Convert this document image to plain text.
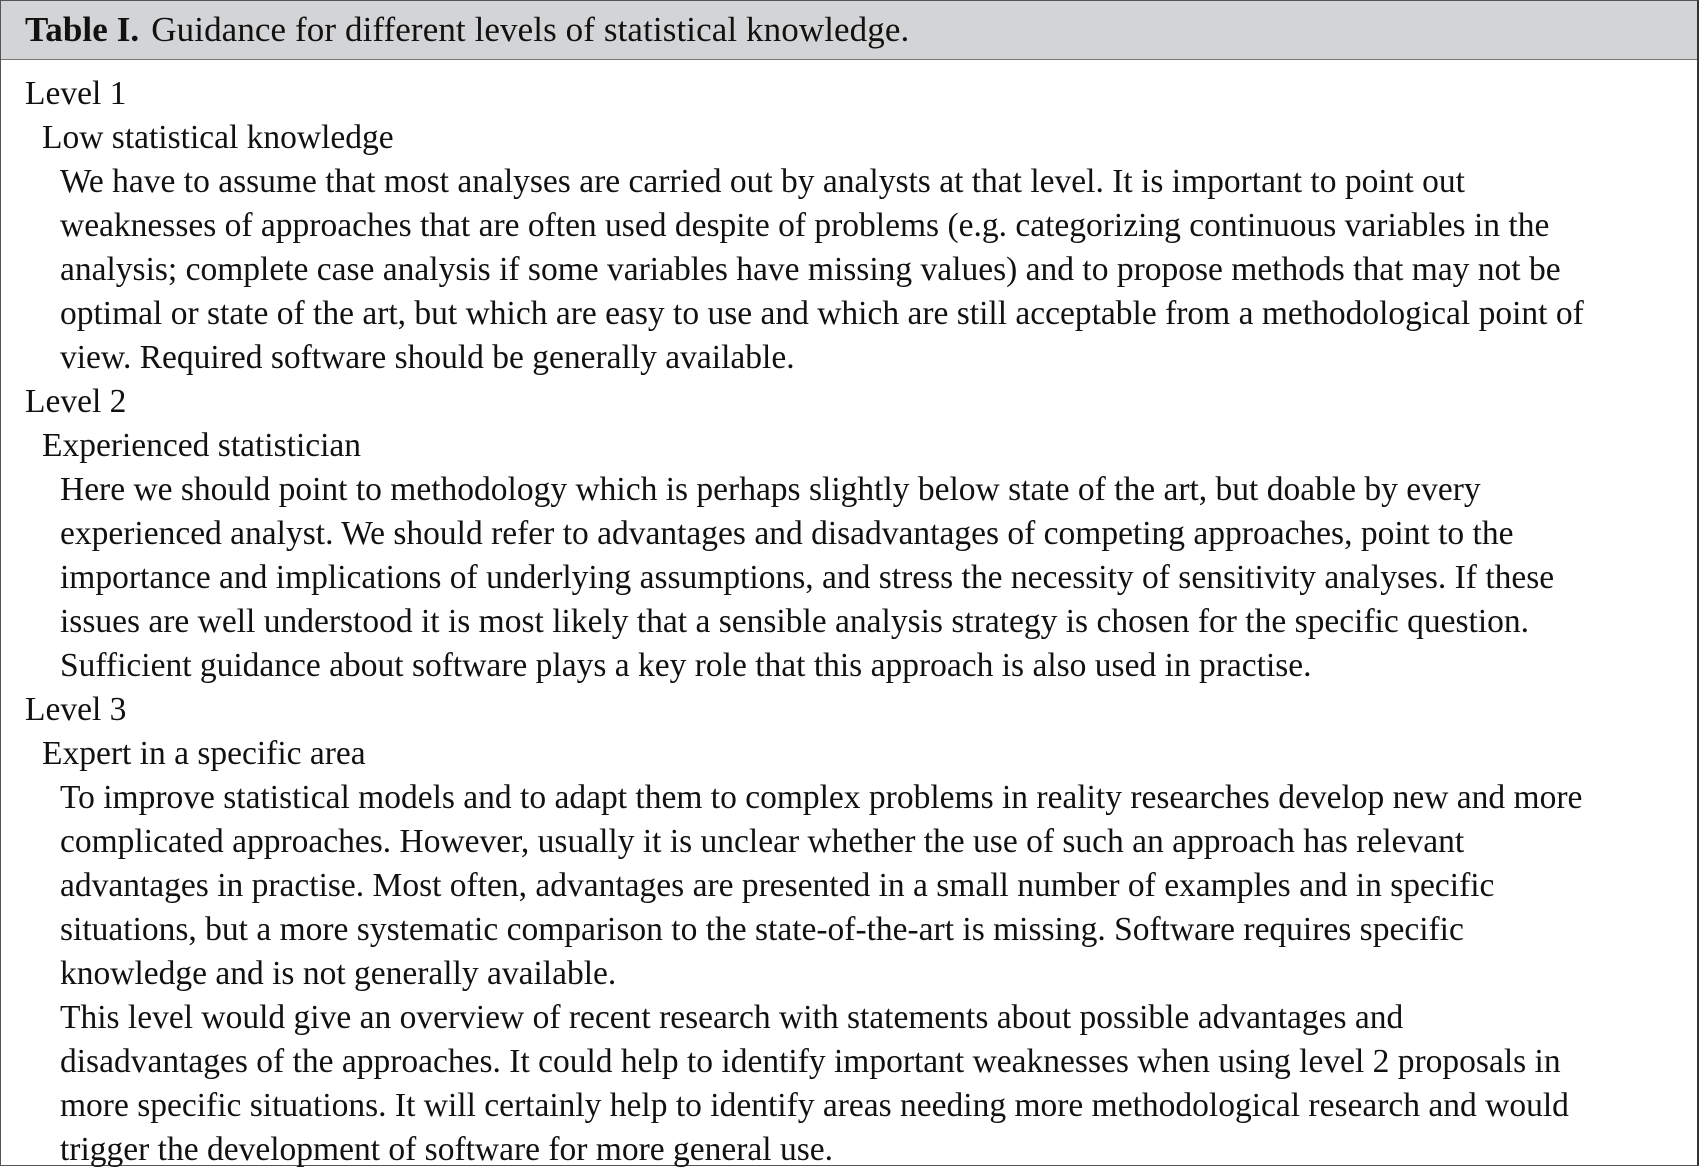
Table I. Guidance for different levels of statistical knowledge.
Level 1
Low statistical knowledge
We have to assume that most analyses are carried out by analysts at that level. It is important to point out
weaknesses of approaches that are often used despite of problems (e.g. categorizing continuous variables in the
analysis; complete case analysis if some variables have missing values) and to propose methods that may not be
optimal or state of the art, but which are easy to use and which are still acceptable from a methodological point of
view. Required software should be generally available.
Level 2
Experienced statistician
Here we should point to methodology which is perhaps slightly below state of the art, but doable by every
experienced analyst. We should refer to advantages and disadvantages of competing approaches, point to the
importance and implications of underlying assumptions, and stress the necessity of sensitivity analyses. If these
issues are well understood it is most likely that a sensible analysis strategy is chosen for the specific question.
Sufficient guidance about software plays a key role that this approach is also used in practise.
Level 3
Expert in a specific area
To improve statistical models and to adapt them to complex problems in reality researches develop new and more
complicated approaches. However, usually it is unclear whether the use of such an approach has relevant
advantages in practise. Most often, advantages are presented in a small number of examples and in specific
situations, but a more systematic comparison to the state-of-the-art is missing. Software requires specific
knowledge and is not generally available.
This level would give an overview of recent research with statements about possible advantages and
disadvantages of the approaches. It could help to identify important weaknesses when using level 2 proposals in
more specific situations. It will certainly help to identify areas needing more methodological research and would
trigger the development of software for more general use.
